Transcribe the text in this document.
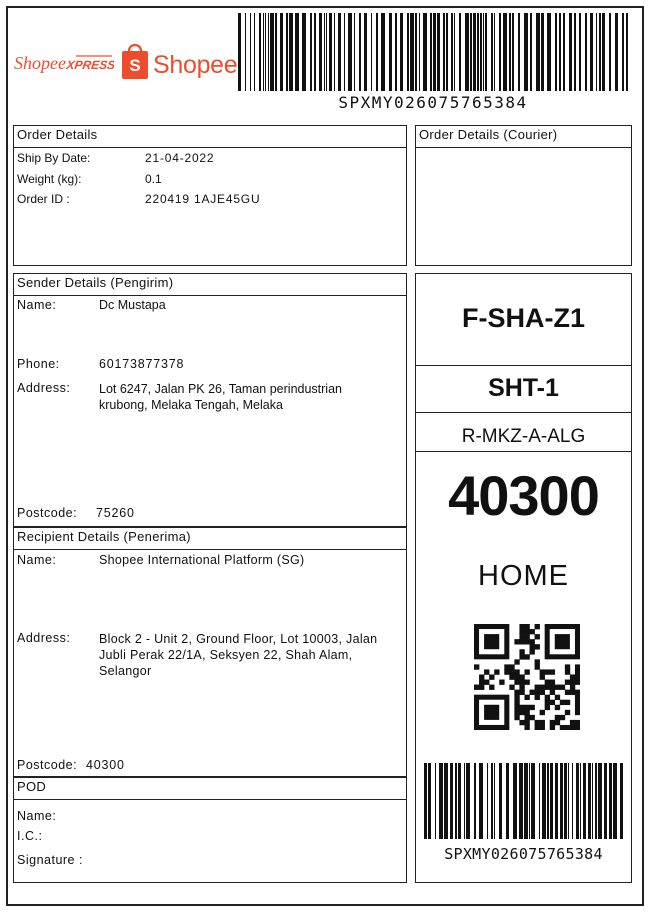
Shopee XPRESS S Shopee
SPXMY026075765384
Order Details
Ship By Date:	21-04-2022
Weight (kg):	0.1
Order ID :	220419 1AJE45GU
Order Details (Courier)
Sender Details (Pengirim)
Name:	Dc Mustapa
Phone:	60173877378
Address: Lot 6247, Jalan PK 26, Taman perindustrian krubong, Melaka Tengah, Melaka
Postcode: 75260
Recipient Details (Penerima)
Name:	Shopee International Platform (SG)
Address: Block 2 - Unit 2, Ground Floor, Lot 10003, Jalan Jubli Perak 22/1A, Seksyen 22, Shah Alam, Selangor
Postcode: 40300
POD
Name:
I.C.:
Signature :
F-SHA-Z1
SHT-1
R-MKZ-A-ALG
40300
HOME
SPXMY026075765384
